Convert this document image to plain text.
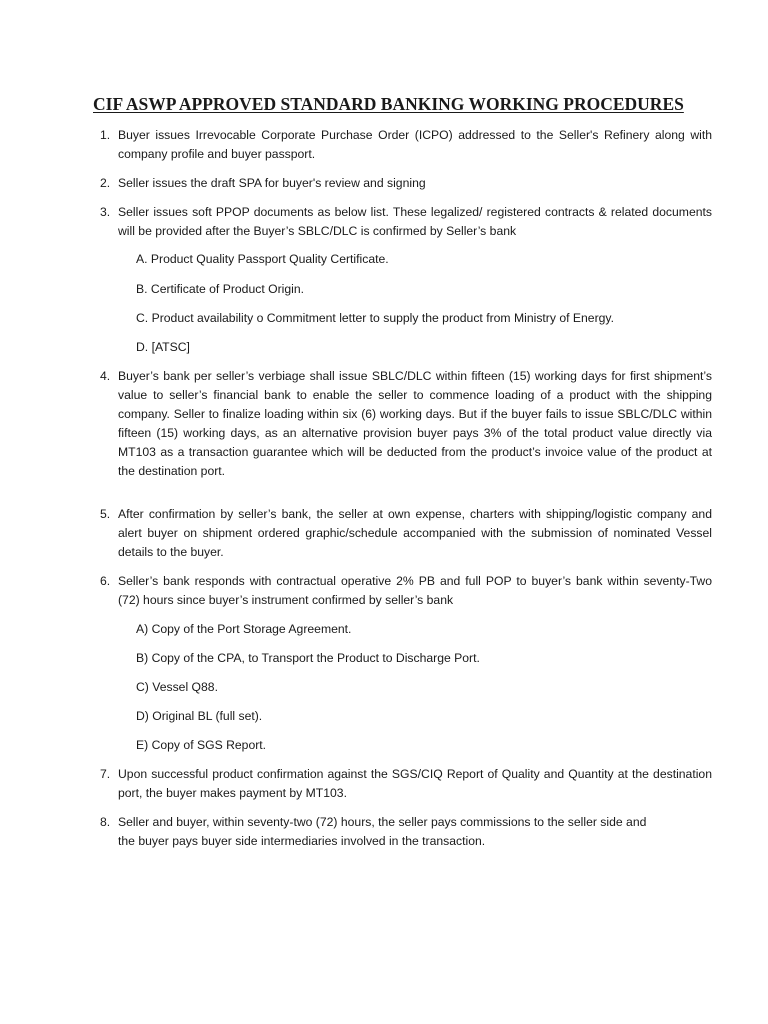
CIF ASWP APPROVED STANDARD BANKING WORKING PROCEDURES
1. Buyer issues Irrevocable Corporate Purchase Order (ICPO) addressed to the Seller's Refinery along with company profile and buyer passport.
2. Seller issues the draft SPA for buyer's review and signing
3. Seller issues soft PPOP documents as below list. These legalized/ registered contracts & related documents will be provided after the Buyer’s SBLC/DLC is confirmed by Seller’s bank
A. Product Quality Passport Quality Certificate.
B. Certificate of Product Origin.
C. Product availability o Commitment letter to supply the product from Ministry of Energy.
D. [ATSC]
4. Buyer’s bank per seller’s verbiage shall issue SBLC/DLC within fifteen (15) working days for first shipment’s value to seller’s financial bank to enable the seller to commence loading of a product with the shipping company. Seller to finalize loading within six (6) working days. But if the buyer fails to issue SBLC/DLC within fifteen (15) working days, as an alternative provision buyer pays 3% of the total product value directly via MT103 as a transaction guarantee which will be deducted from the product’s invoice value of the product at the destination port.
5. After confirmation by seller’s bank, the seller at own expense, charters with shipping/logistic company and alert buyer on shipment ordered graphic/schedule accompanied with the submission of nominated Vessel details to the buyer.
6. Seller’s bank responds with contractual operative 2% PB and full POP to buyer’s bank within seventy-Two (72) hours since buyer’s instrument confirmed by seller’s bank
A) Copy of the Port Storage Agreement.
B) Copy of the CPA, to Transport the Product to Discharge Port.
C) Vessel Q88.
D) Original BL (full set).
E) Copy of SGS Report.
7. Upon successful product confirmation against the SGS/CIQ Report of Quality and Quantity at the destination port, the buyer makes payment by MT103.
8. Seller and buyer, within seventy-two (72) hours, the seller pays commissions to the seller side and
the buyer pays buyer side intermediaries involved in the transaction.
